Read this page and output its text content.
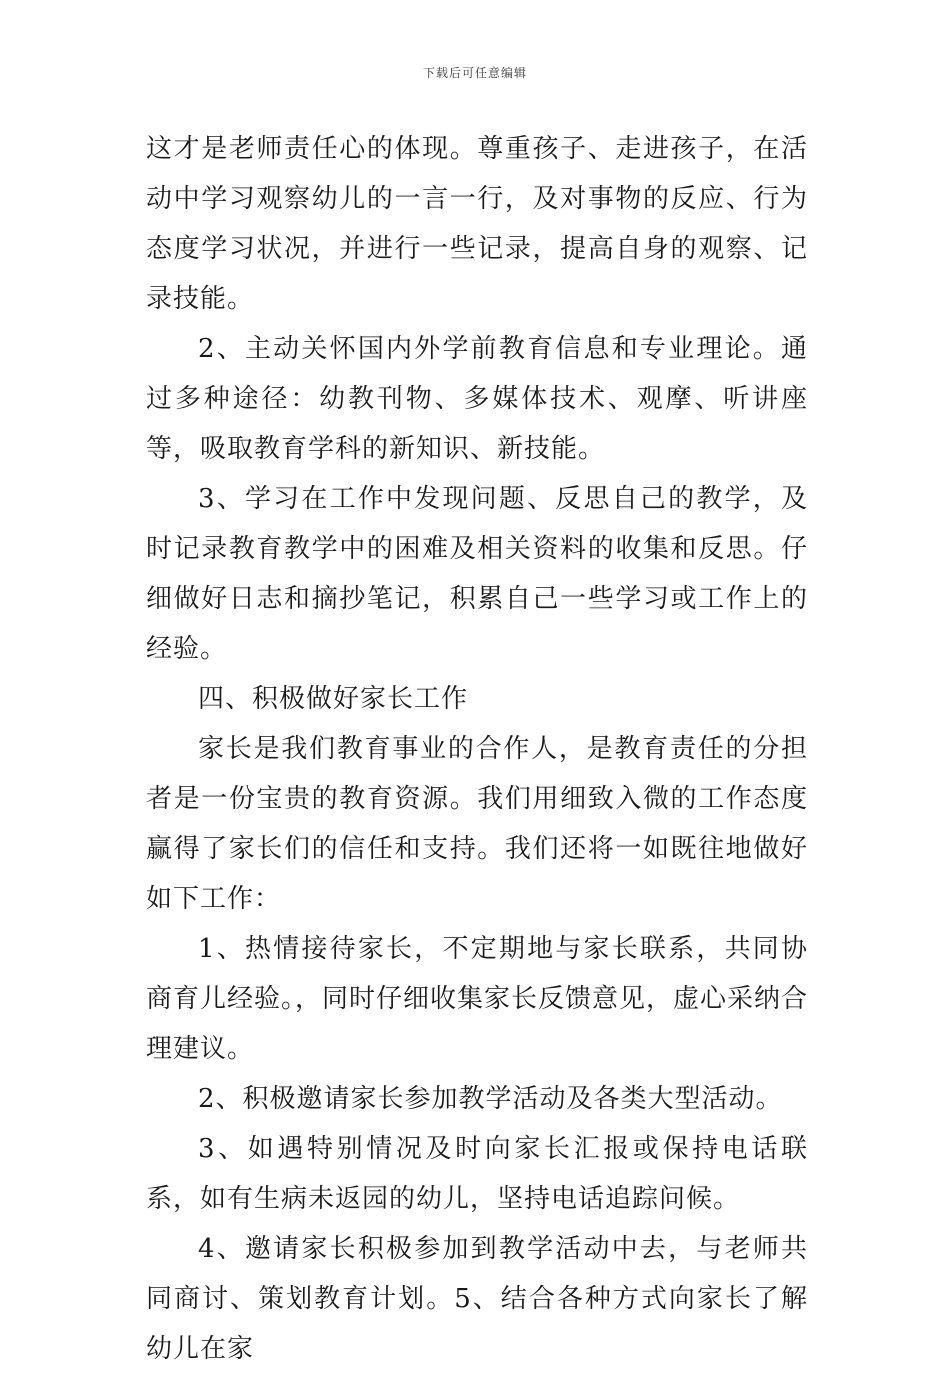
下载后可任意编辑

这才是老师责任心的体现。尊重孩子、走进孩子，在活动中学习观察幼儿的一言一行，及对事物的反应、行为态度学习状况，并进行一些记录，提高自身的观察、记录技能。

2、主动关怀国内外学前教育信息和专业理论。通过多种途径：幼教刊物、多媒体技术、观摩、听讲座等，吸取教育学科的新知识、新技能。

3、学习在工作中发现问题、反思自己的教学，及时记录教育教学中的困难及相关资料的收集和反思。仔细做好日志和摘抄笔记，积累自己一些学习或工作上的经验。

四、积极做好家长工作

家长是我们教育事业的合作人，是教育责任的分担者是一份宝贵的教育资源。我们用细致入微的工作态度赢得了家长们的信任和支持。我们还将一如既往地做好如下工作：

1、热情接待家长，不定期地与家长联系，共同协商育儿经验。，同时仔细收集家长反馈意见，虚心采纳合理建议。

2、积极邀请家长参加教学活动及各类大型活动。

3、如遇特别情况及时向家长汇报或保持电话联系，如有生病未返园的幼儿，坚持电话追踪问候。

4、邀请家长积极参加到教学活动中去，与老师共同商讨、策划教育计划。5、结合各种方式向家长了解幼儿在家
